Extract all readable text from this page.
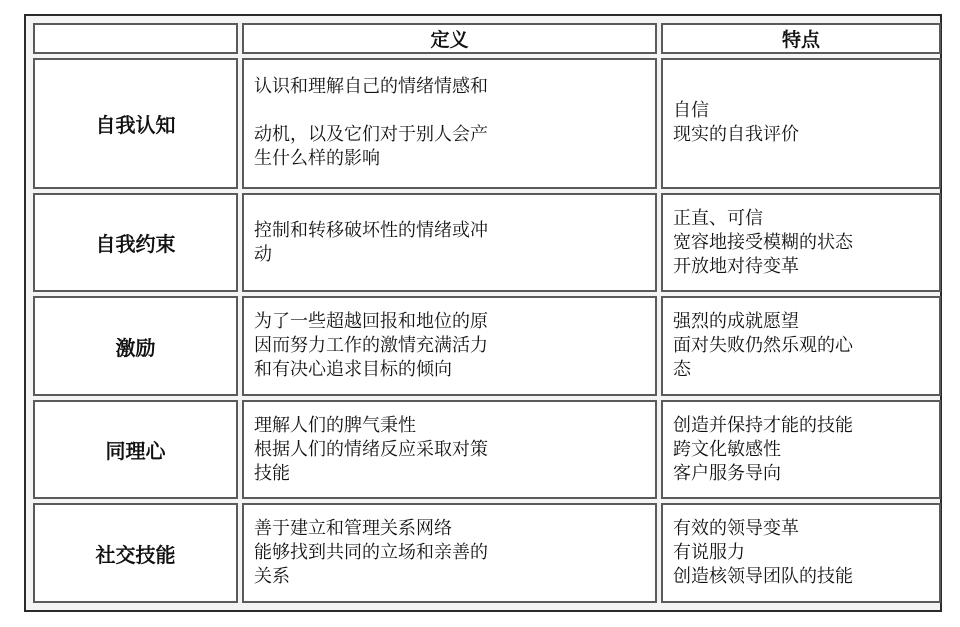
	定义	特点
自我认知	认识和理解自己的情绪情感和
动机，以及它们对于别人会产
生什么样的影响	自信
现实的自我评价

自我约束	控制和转移破坏性的情绪或冲
动	正直、可信
宽容地接受模糊的状态
开放地对待变革

激励	为了一些超越回报和地位的原
因而努力工作的激情充满活力
和有决心追求目标的倾向	强烈的成就愿望
面对失败仍然乐观的心
态

同理心	理解人们的脾气秉性
根据人们的情绪反应采取对策
技能	创造并保持才能的技能
跨文化敏感性
客户服务导向

社交技能	善于建立和管理关系网络
能够找到共同的立场和亲善的
关系	有效的领导变革
有说服力
创造核领导团队的技能
